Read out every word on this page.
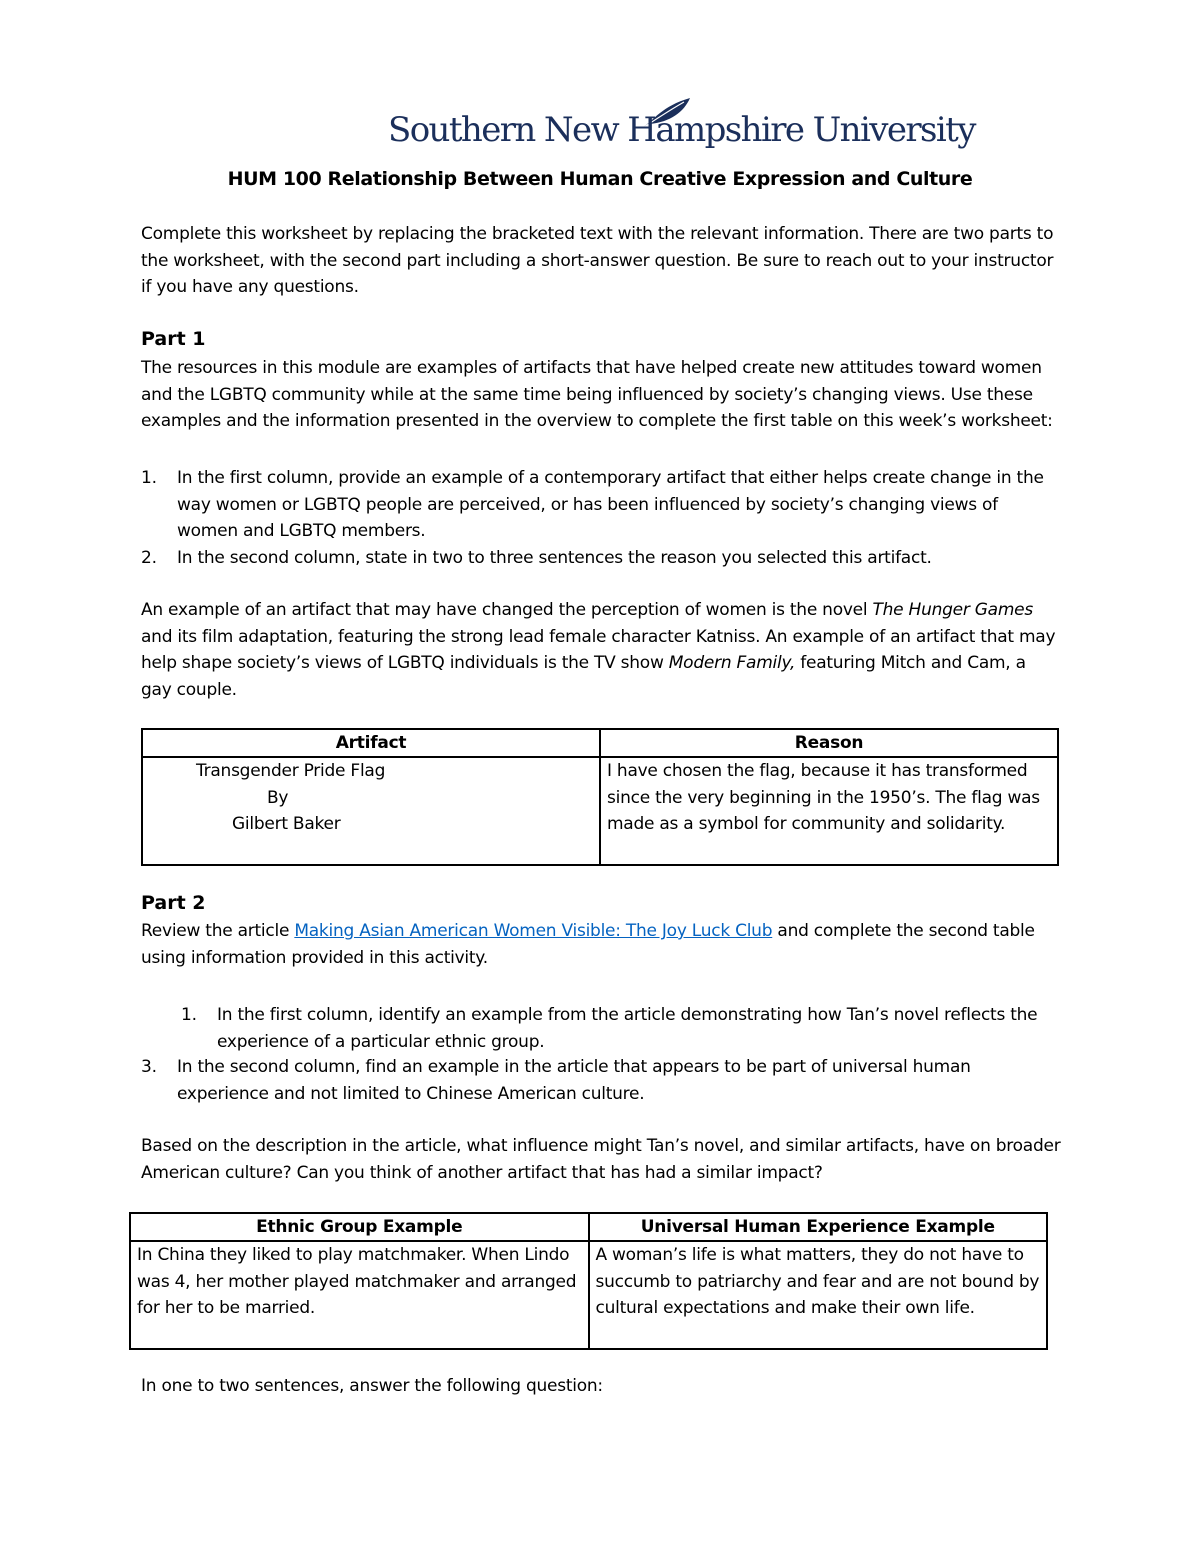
Southern New Hampshire University
HUM 100 Relationship Between Human Creative Expression and Culture
Complete this worksheet by replacing the bracketed text with the relevant information. There are two parts to the worksheet, with the second part including a short-answer question. Be sure to reach out to your instructor if you have any questions.
Part 1
The resources in this module are examples of artifacts that have helped create new attitudes toward women and the LGBTQ community while at the same time being influenced by society’s changing views. Use these examples and the information presented in the overview to complete the first table on this week’s worksheet:
1. In the first column, provide an example of a contemporary artifact that either helps create change in the way women or LGBTQ people are perceived, or has been influenced by society’s changing views of women and LGBTQ members.
2. In the second column, state in two to three sentences the reason you selected this artifact.
An example of an artifact that may have changed the perception of women is the novel The Hunger Games and its film adaptation, featuring the strong lead female character Katniss. An example of an artifact that may help shape society’s views of LGBTQ individuals is the TV show Modern Family, featuring Mitch and Cam, a gay couple.
Artifact	Reason

Transgender Pride Flag
By
Gilbert Baker	I have chosen the flag, because it has transformed since the very beginning in the 1950’s. The flag was made as a symbol for community and solidarity.
Part 2
Review the article Making Asian American Women Visible: The Joy Luck Club and complete the second table using information provided in this activity.
1. In the first column, identify an example from the article demonstrating how Tan’s novel reflects the experience of a particular ethnic group.
3. In the second column, find an example in the article that appears to be part of universal human experience and not limited to Chinese American culture.
Based on the description in the article, what influence might Tan’s novel, and similar artifacts, have on broader American culture? Can you think of another artifact that has had a similar impact?
Ethnic Group Example	Universal Human Experience Example
In China they liked to play matchmaker. When Lindo was 4, her mother played matchmaker and arranged for her to be married.	A woman’s life is what matters, they do not have to succumb to patriarchy and fear and are not bound by cultural expectations and make their own life.
In one to two sentences, answer the following question:
